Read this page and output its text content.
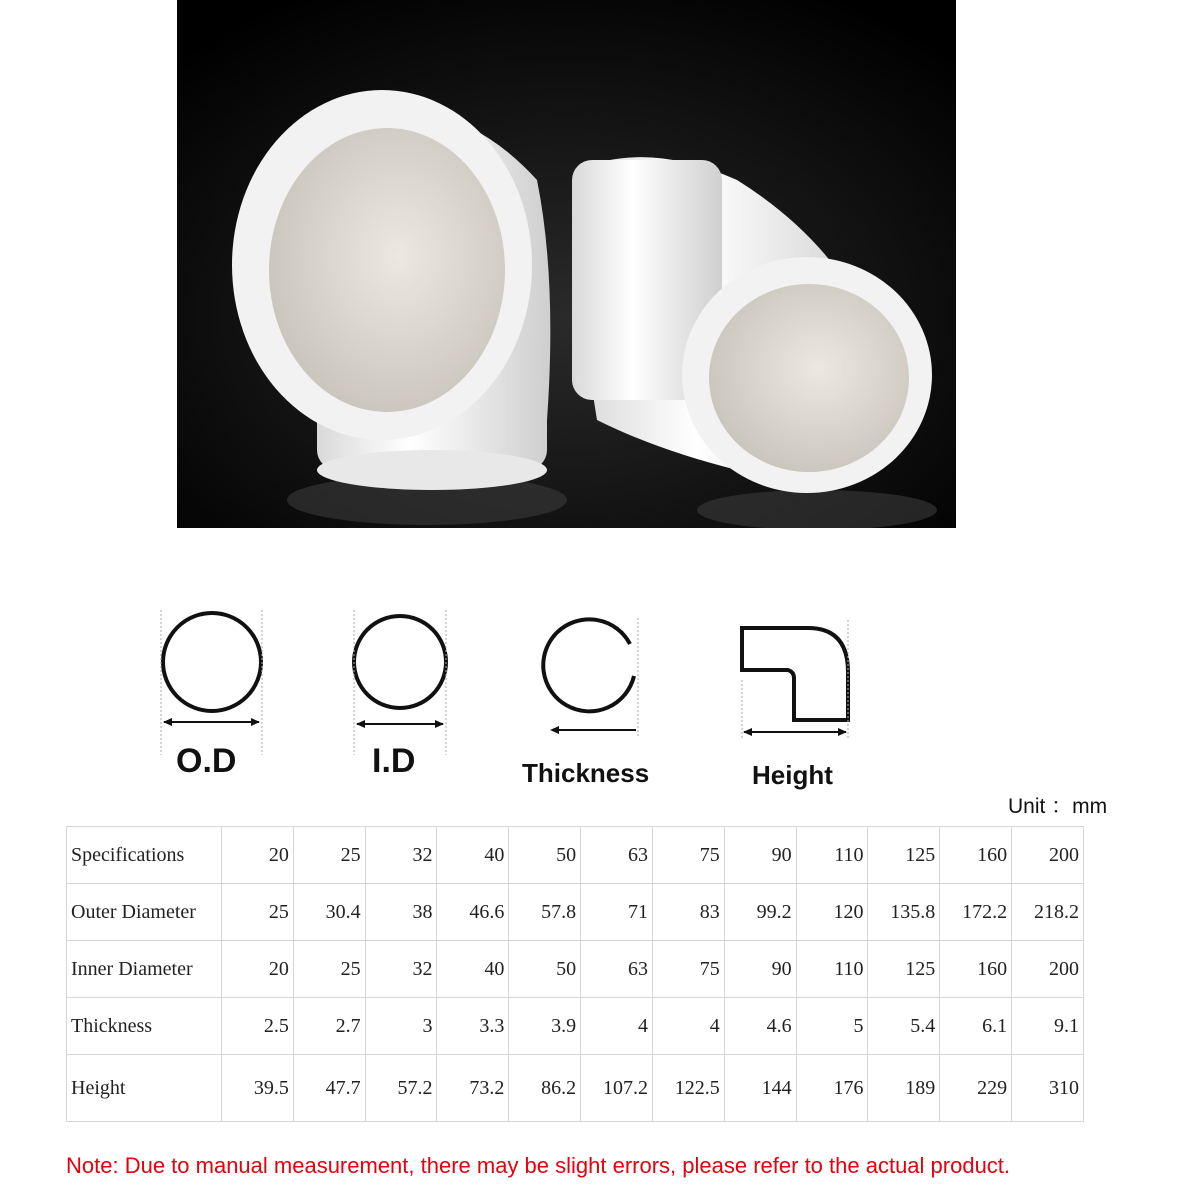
O.D	I.D	Thickness	Height
Unit ：mm
Specifications	20	25	32	40	50	63	75	90	110	125	160	200
Outer Diameter	25	30.4	38	46.6	57.8	71	83	99.2	120	135.8	172.2	218.2
Inner Diameter	20	25	32	40	50	63	75	90	110	125	160	200
Thickness	2.5	2.7	3	3.3	3.9	4	4	4.6	5	5.4	6.1	9.1
Height	39.5	47.7	57.2	73.2	86.2	107.2	122.5	144	176	189	229	310
Note: Due to manual measurement, there may be slight errors, please refer to the actual product.
